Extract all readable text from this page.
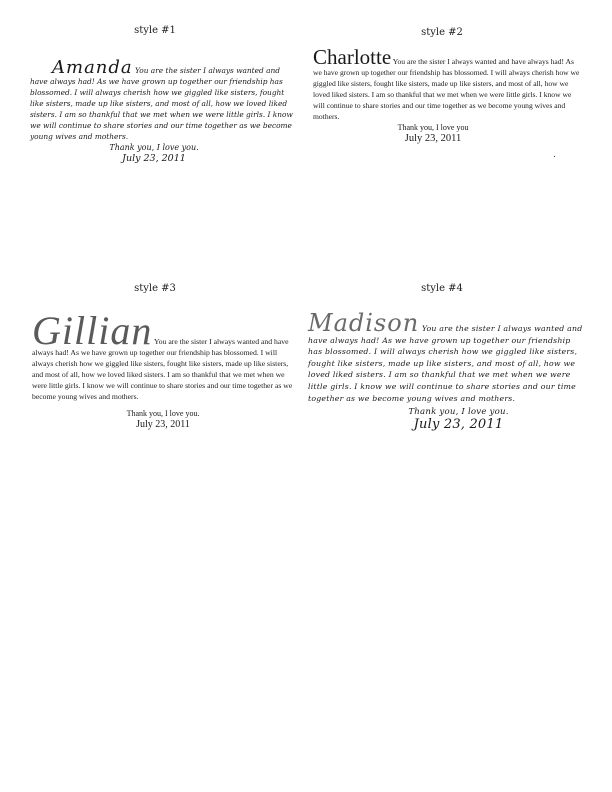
style #1	style #2
style #3	style #4

Amanda You are the sister I always wanted and have always had! As we have grown up together our friendship has blossomed. I will always cherish how we giggled like sisters, fought like sisters, made up like sisters, and most of all, how we loved liked sisters. I am so thankful that we met when we were little girls. I know we will continue to share stories and our time together as we become young wives and mothers.

Thank you, I love you.

July 23, 2011

Charlotte You are the sister I always wanted and have always had! As we have grown up together our friendship has blossomed. I will always cherish how we giggled like sisters, fought like sisters, made up like sisters, and most of all, how we loved liked sisters. I am so thankful that we met when we were little girls. I know we will continue to share stories and our time together as we become young wives and mothers.

Thank you, I love you

July 23, 2011

.

Gillian You are the sister I always wanted and have always had! As we have grown up together our friendship has blossomed. I will always cherish how we giggled like sisters, fought like sisters, made up like sisters, and most of all, how we loved liked sisters. I am so thankful that we met when we were little girls. I know we will continue to share stories and our time together as we become young wives and mothers.

Thank you, I love you.

July 23, 2011

Madison You are the sister I always wanted and have always had! As we have grown up together our friendship has blossomed. I will always cherish how we giggled like sisters, fought like sisters, made up like sisters, and most of all, how we loved liked sisters. I am so thankful that we met when we were little girls. I know we will continue to share stories and our time together as we become young wives and mothers.

Thank you, I love you.

July 23, 2011
